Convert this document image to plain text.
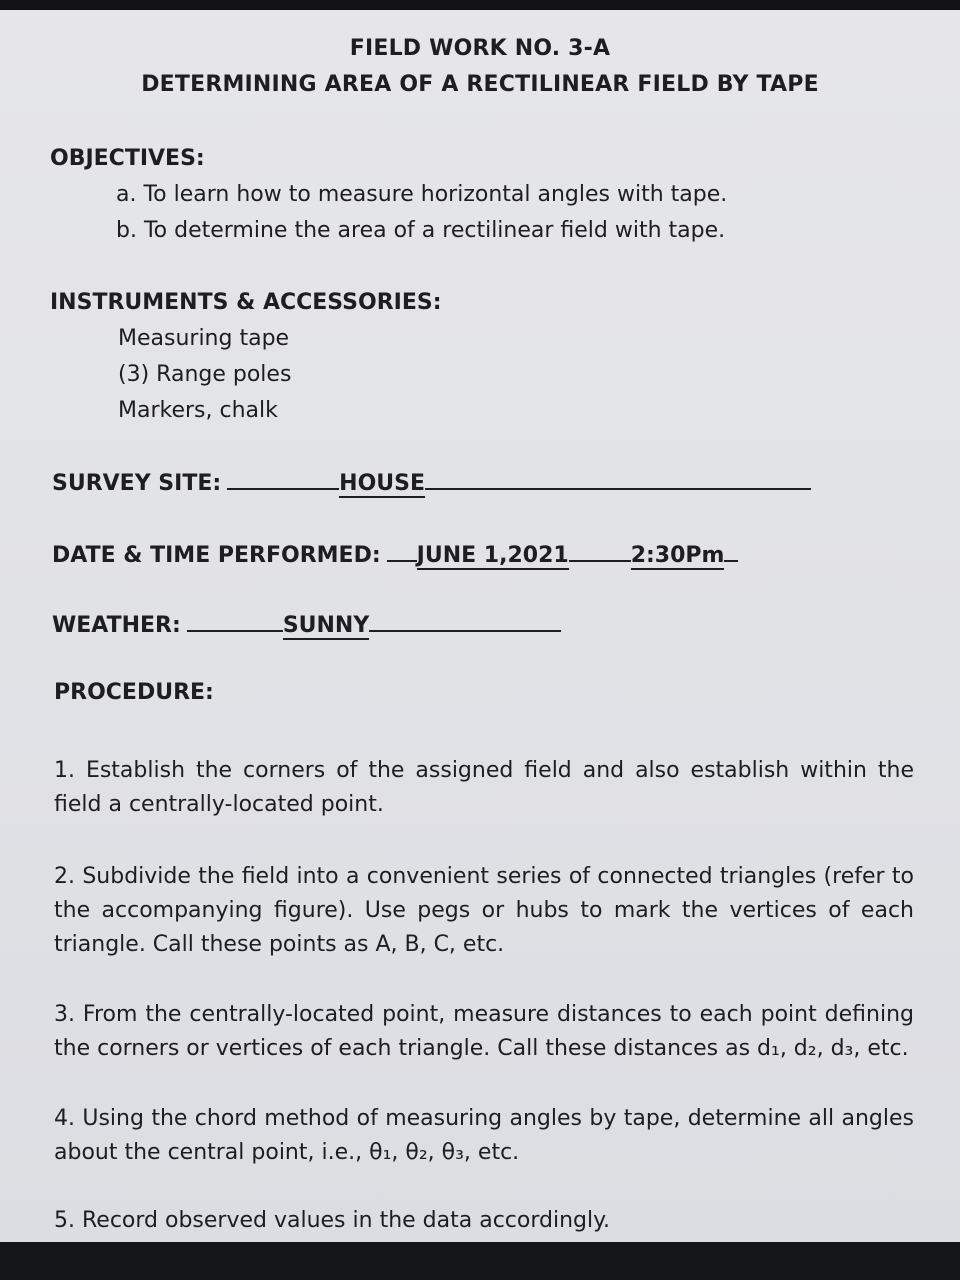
FIELD WORK NO. 3-A
DETERMINING AREA OF A RECTILINEAR FIELD BY TAPE
OBJECTIVES:
a. To learn how to measure horizontal angles with tape.
b. To determine the area of a rectilinear field with tape.
INSTRUMENTS & ACCESSORIES:
Measuring tape
(3) Range poles
Markers, chalk
SURVEY SITE:	HOUSE
DATE & TIME PERFORMED: JUNE 1,2021	2:30Pm
WEATHER:	SUNNY
PROCEDURE:
1. Establish the corners of the assigned field and also establish within the field a centrally-located point.
2. Subdivide the field into a convenient series of connected triangles (refer to the accompanying figure). Use pegs or hubs to mark the vertices of each triangle. Call these points as A, B, C, etc.
3. From the centrally-located point, measure distances to each point defining the corners or vertices of each triangle. Call these distances as d₁, d₂, d₃, etc.
4. Using the chord method of measuring angles by tape, determine all angles about the central point, i.e., θ₁, θ₂, θ₃, etc.
5. Record observed values in the data accordingly.
